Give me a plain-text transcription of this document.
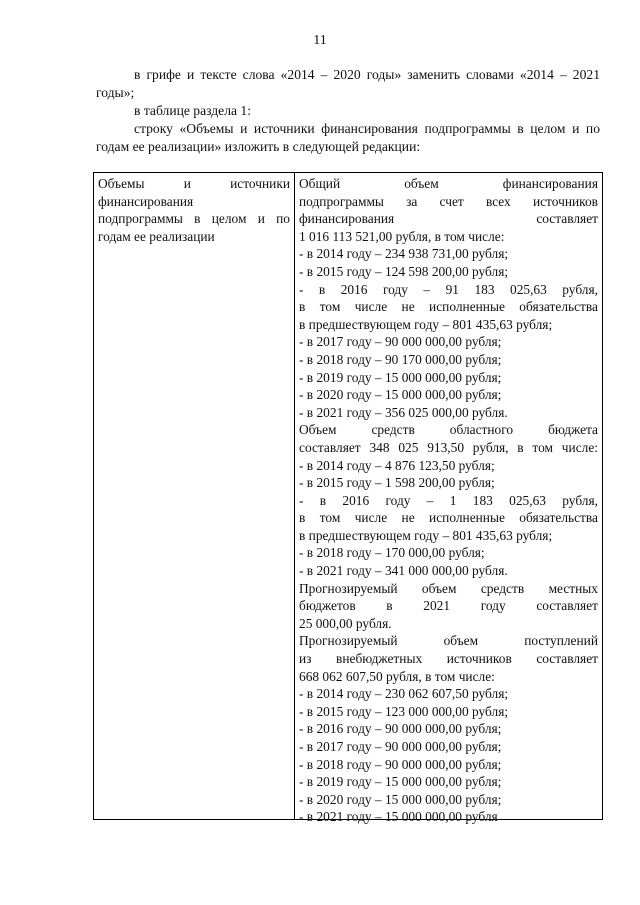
11

в грифе и тексте слова «2014 – 2020 годы» заменить словами «2014 – 2021 годы»;

в таблице раздела 1:

строку «Объемы и источники финансирования подпрограммы в целом и по годам ее реализации» изложить в следующей редакции:

Объемы и источники
финансирования
подпрограммы в целом и по
годам ее реализации
Общий объем финансирования
подпрограммы за счет всех источников
финансирования составляет
1 016 113 521,00 рубля, в том числе:
- в 2014 году – 234 938 731,00 рубля;
- в 2015 году – 124 598 200,00 рубля;
- в 2016 году – 91 183 025,63 рубля,
в том числе не исполненные обязательства
в предшествующем году – 801 435,63 рубля;
- в 2017 году – 90 000 000,00 рубля;
- в 2018 году – 90 170 000,00 рубля;
- в 2019 году – 15 000 000,00 рубля;
- в 2020 году – 15 000 000,00 рубля;
- в 2021 году – 356 025 000,00 рубля.
Объем средств областного бюджета
составляет 348 025 913,50 рубля, в том числе:
- в 2014 году – 4 876 123,50 рубля;
- в 2015 году – 1 598 200,00 рубля;
- в 2016 году – 1 183 025,63 рубля,
в том числе не исполненные обязательства
в предшествующем году – 801 435,63 рубля;
- в 2018 году – 170 000,00 рубля;
- в 2021 году – 341 000 000,00 рубля.
Прогнозируемый объем средств местных
бюджетов в 2021 году составляет
25 000,00 рубля.
Прогнозируемый объем поступлений
из внебюджетных источников составляет
668 062 607,50 рубля, в том числе:
- в 2014 году – 230 062 607,50 рубля;
- в 2015 году – 123 000 000,00 рубля;
- в 2016 году – 90 000 000,00 рубля;
- в 2017 году – 90 000 000,00 рубля;
- в 2018 году – 90 000 000,00 рубля;
- в 2019 году – 15 000 000,00 рубля;
- в 2020 году – 15 000 000,00 рубля;
- в 2021 году – 15 000 000,00 рубля
